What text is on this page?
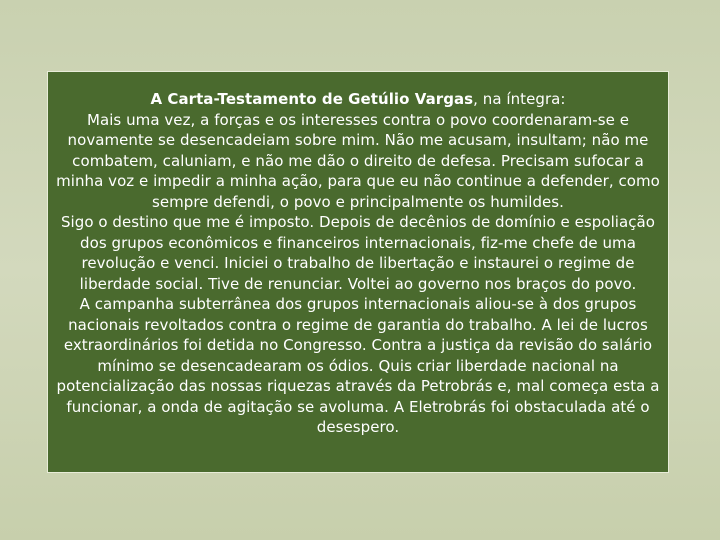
A Carta-Testamento de Getúlio Vargas, na íntegra:

Mais uma vez, a forças e os interesses contra o povo coordenaram-se e novamente se desencadeiam sobre mim. Não me acusam, insultam; não me combatem, caluniam, e não me dão o direito de defesa. Precisam sufocar a minha voz e impedir a minha ação, para que eu não continue a defender, como sempre defendi, o povo e principalmente os humildes.

Sigo o destino que me é imposto. Depois de decênios de domínio e espoliação dos grupos econômicos e financeiros internacionais, fiz-me chefe de uma revolução e venci. Iniciei o trabalho de libertação e instaurei o regime de liberdade social. Tive de renunciar. Voltei ao governo nos braços do povo.

A campanha subterrânea dos grupos internacionais aliou-se à dos grupos nacionais revoltados contra o regime de garantia do trabalho. A lei de lucros extraordinários foi detida no Congresso. Contra a justiça da revisão do salário mínimo se desencadearam os ódios. Quis criar liberdade nacional na potencialização das nossas riquezas através da Petrobrás e, mal começa esta a funcionar, a onda de agitação se avoluma. A Eletrobrás foi obstaculada até o desespero.
